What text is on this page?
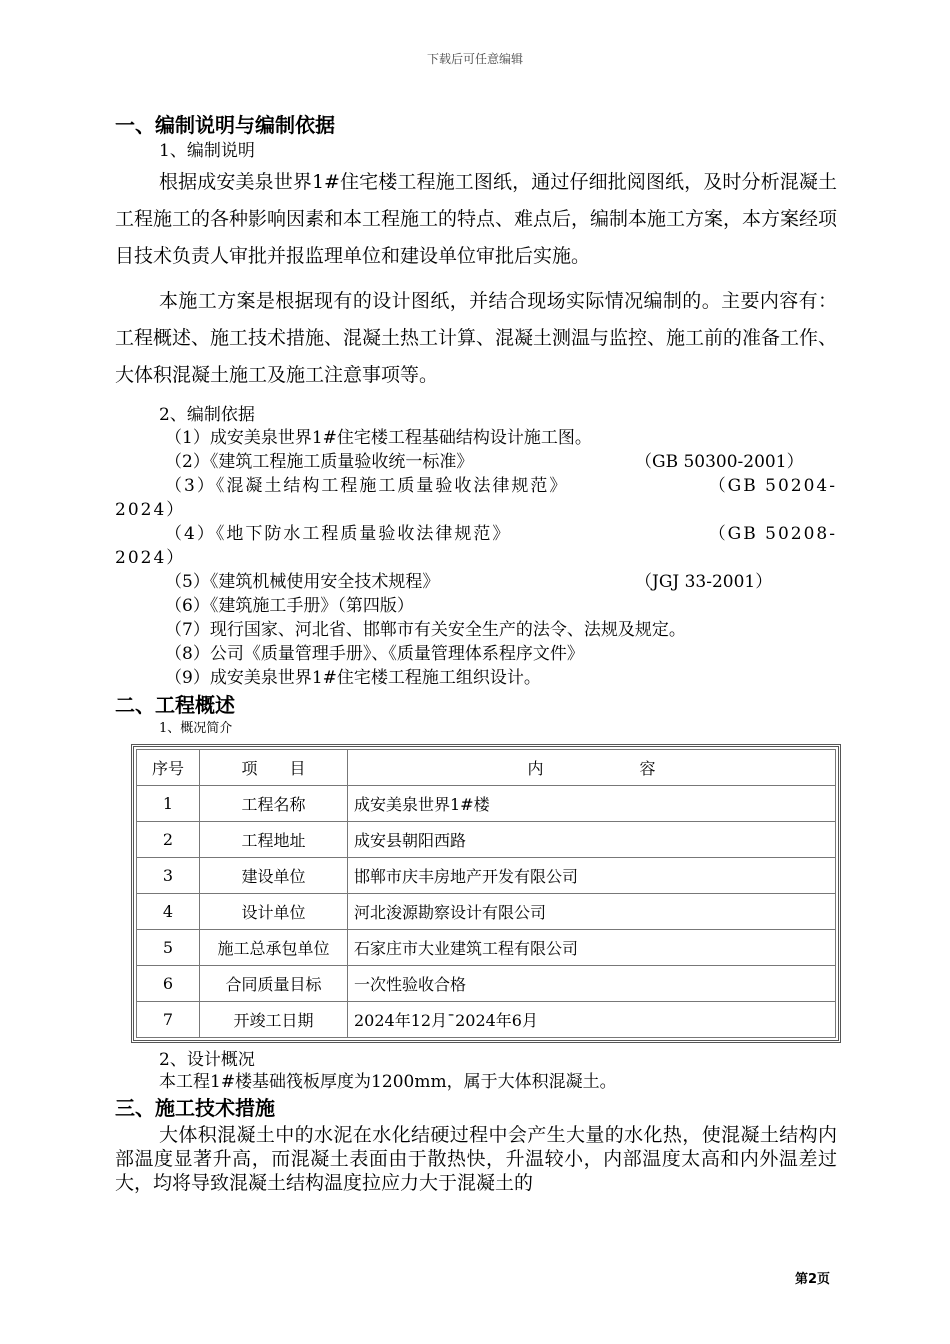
下载后可任意编辑
一、编制说明与编制依据
1、编制说明

根据成安美泉世界1#住宅楼工程施工图纸，通过仔细批阅图纸，及时分析混凝土工程施工的各种影响因素和本工程施工的特点、难点后，编制本施工方案，本方案经项目技术负责人审批并报监理单位和建设单位审批后实施。

本施工方案是根据现有的设计图纸，并结合现场实际情况编制的。主要内容有：工程概述、施工技术措施、混凝土热工计算、混凝土测温与监控、施工前的准备工作、大体积混凝土施工及施工注意事项等。

2、编制依据
（1）成安美泉世界1#住宅楼工程基础结构设计施工图。
（2）《建筑工程施工质量验收统一标准》	（GB 50300-2001）
（3）《混凝土结构工程施工质量验收法律规范》	（GB 50204-
2024）
（4）《地下防水工程质量验收法律规范》	（GB 50208-
2024）
（5）《建筑机械使用安全技术规程》	（JGJ 33-2001）
（6）《建筑施工手册》（第四版）
（7）现行国家、河北省、邯郸市有关安全生产的法令、法规及规定。
（8）公司《质量管理手册》、《质量管理体系程序文件》
（9）成安美泉世界1#住宅楼工程施工组织设计。
二、工程概述
1、概况简介
序号	项　　目	内　　　　　　容
1	工程名称	成安美泉世界1#楼
2	工程地址	成安县朝阳西路
3	建设单位	邯郸市庆丰房地产开发有限公司
4	设计单位	河北浚源勘察设计有限公司
5	施工总承包单位	石家庄市大业建筑工程有限公司
6	合同质量目标	一次性验收合格
7	开竣工日期	2024年12月¯2024年6月
2、设计概况
本工程1#楼基础筏板厚度为1200mm，属于大体积混凝土。
三、施工技术措施

大体积混凝土中的水泥在水化结硬过程中会产生大量的水化热，使混凝土结构内部温度显著升高，而混凝土表面由于散热快，升温较小，内部温度太高和内外温差过大，均将导致混凝土结构温度拉应力大于混凝土的

第2页
